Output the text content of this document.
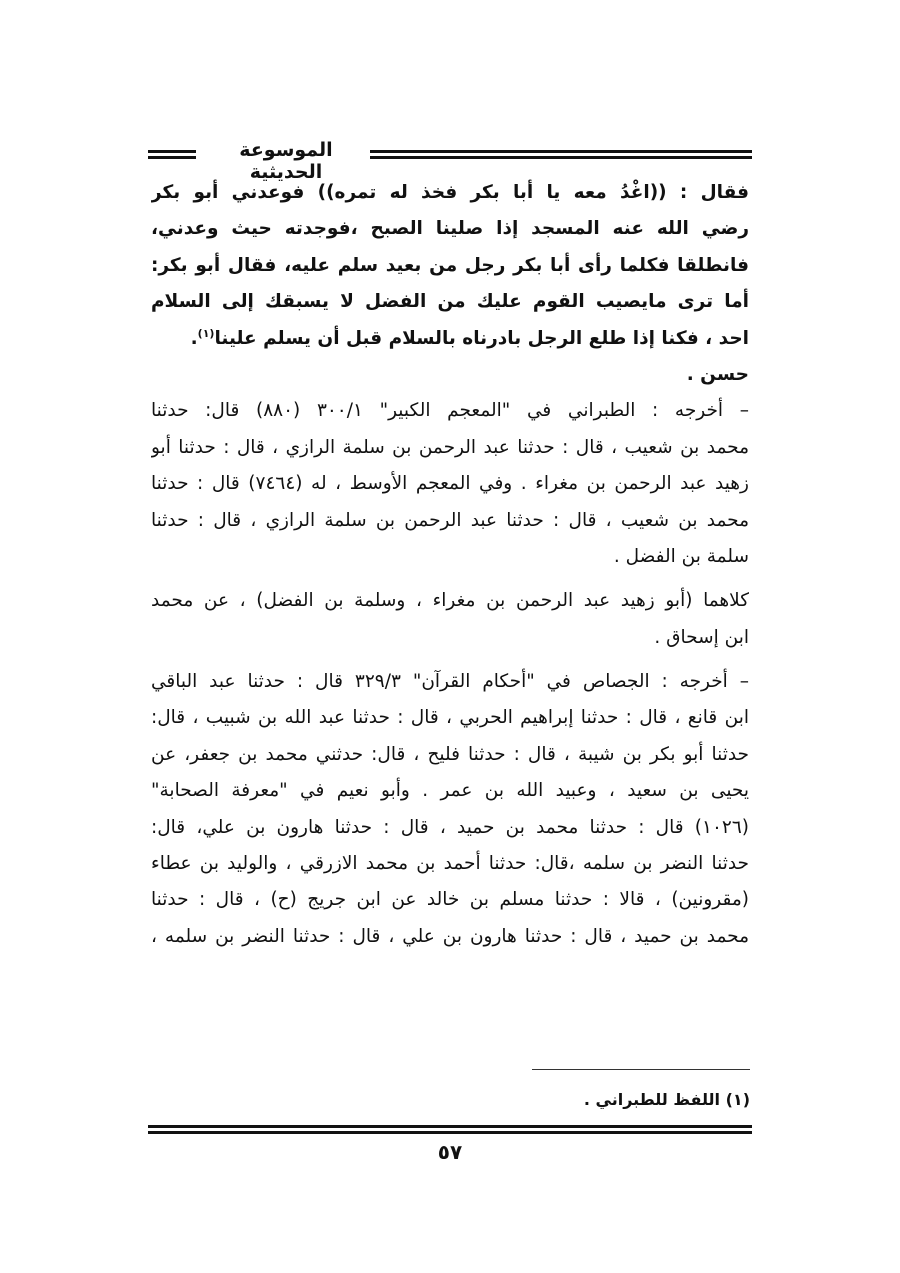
الموسوعة الحديثية
فقال : ((اغْدُ معه يا أبا بكر فخذ له تمره)) فوعدني أبو بكر
رضي الله عنه المسجد إذا صلينا الصبح ،فوجدته حيث وعدني،
فانطلقا فكلما رأى أبا بكر رجل من بعيد سلم عليه، فقال أبو بكر:
أما ترى مايصيب القوم عليك من الفضل لا يسبقك إلى السلام
احد ، فكنا إذا طلع الرجل بادرناه بالسلام قبل أن يسلم علينا$^{(١)}$.
حسن .
– أخرجه : الطبراني في "المعجم الكبير" ٣٠٠/١ (٨٨٠) قال: حدثنا
محمد بن شعيب ، قال : حدثنا عبد الرحمن بن سلمة الرازي ، قال : حدثنا أبو
زهيد عبد الرحمن بن مغراء . وفي المعجم الأوسط ، له (٧٤٦٤) قال : حدثنا
محمد بن شعيب ، قال : حدثنا عبد الرحمن بن سلمة الرازي ، قال : حدثنا
سلمة بن الفضل .
كلاهما (أبو زهيد عبد الرحمن بن مغراء ، وسلمة بن الفضل) ، عن محمد
ابن إسحاق .
– أخرجه : الجصاص في "أحكام القرآن" ٣٢٩/٣ قال : حدثنا عبد الباقي
ابن قانع ، قال : حدثنا إبراهيم الحربي ، قال : حدثنا عبد الله بن شبيب ، قال:
حدثنا أبو بكر بن شيبة ، قال : حدثنا فليح ، قال: حدثني محمد بن جعفر، عن
يحيى بن سعيد ، وعبيد الله بن عمر . وأبو نعيم في "معرفة الصحابة"
(١٠٢٦) قال : حدثنا محمد بن حميد ، قال : حدثنا هارون بن علي، قال:
حدثنا النضر بن سلمه ،قال: حدثنا أحمد بن محمد الازرقي ، والوليد بن عطاء
(مقرونين) ، قالا : حدثنا مسلم بن خالد عن ابن جريج (ح) ، قال : حدثنا
محمد بن حميد ، قال : حدثنا هارون بن علي ، قال : حدثنا النضر بن سلمه ،
(١) اللفظ للطبراني .
٥٧
